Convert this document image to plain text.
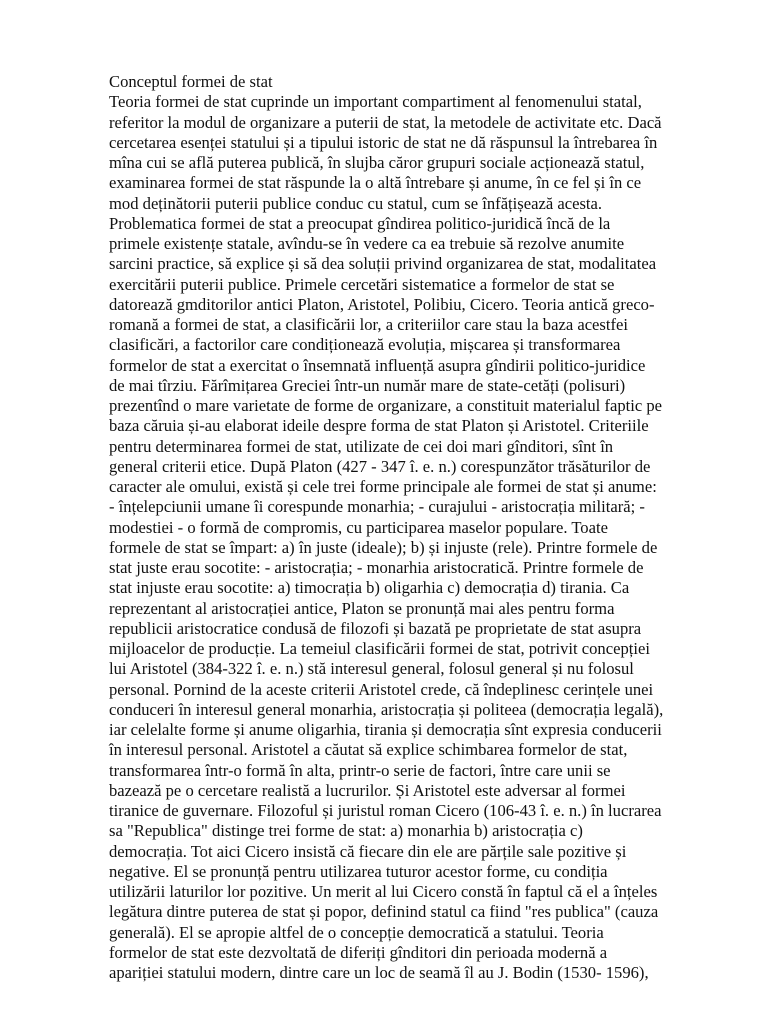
Conceptul formei de stat
Teoria formei de stat cuprinde un important compartiment al fenomenului statal,
referitor la modul de organizare a puterii de stat, la metodele de activitate etc. Dacă
cercetarea esenței statului și a tipului istoric de stat ne dă răspunsul la întrebarea în
mîna cui se află puterea publică, în slujba căror grupuri sociale acționează statul,
examinarea formei de stat răspunde la o altă întrebare și anume, în ce fel și în ce
mod deținătorii puterii publice conduc cu statul, cum se înfățișează acesta.
Problematica formei de stat a preocupat gîndirea politico-juridică încă de la
primele existențe statale, avîndu-se în vedere ca ea trebuie să rezolve anumite
sarcini practice, să explice și să dea soluții privind organizarea de stat, modalitatea
exercitării puterii publice. Primele cercetări sistematice a formelor de stat se
datorează gmditorilor antici Platon, Aristotel, Polibiu, Cicero. Teoria antică greco-
romană a formei de stat, a clasificării lor, a criteriilor care stau la baza acestfei
clasificări, a factorilor care condiționează evoluția, mișcarea și transformarea
formelor de stat a exercitat o însemnată influență asupra gîndirii politico-juridice
de mai tîrziu. Fărîmițarea Greciei într-un număr mare de state-cetăți (polisuri)
prezentînd o mare varietate de forme de organizare, a constituit materialul faptic pe
baza căruia și-au elaborat ideile despre forma de stat Platon și Aristotel. Criteriile
pentru determinarea formei de stat, utilizate de cei doi mari gînditori, sînt în
general criterii etice. După Platon (427 - 347 î. e. n.) corespunzător trăsăturilor de
caracter ale omului, există și cele trei forme principale ale formei de stat și anume:
- înțelepciunii umane îi corespunde monarhia; - curajului - aristocrația militară; -
modestiei - o formă de compromis, cu participarea maselor populare. Toate
formele de stat se împart: a) în juste (ideale); b) și injuste (rele). Printre formele de
stat juste erau socotite: - aristocrația; - monarhia aristocratică. Printre formele de
stat injuste erau socotite: a) timocrația b) oligarhia c) democrația d) tirania. Ca
reprezentant al aristocrației antice, Platon se pronunță mai ales pentru forma
republicii aristocratice condusă de filozofi și bazată pe proprietate de stat asupra
mijloacelor de producție. La temeiul clasificării formei de stat, potrivit concepției
lui Aristotel (384-322 î. e. n.) stă interesul general, folosul general și nu folosul
personal. Pornind de la aceste criterii Aristotel crede, că îndeplinesc cerințele unei
conduceri în interesul general monarhia, aristocrația și politeea (democrația legală),
iar celelalte forme și anume oligarhia, tirania și democrația sînt expresia conducerii
în interesul personal. Aristotel a căutat să explice schimbarea formelor de stat,
transformarea într-o formă în alta, printr-o serie de factori, între care unii se
bazează pe o cercetare realistă a lucrurilor. Și Aristotel este adversar al formei
tiranice de guvernare. Filozoful și juristul roman Cicero (106-43 î. e. n.) în lucrarea
sa "Republica" distinge trei forme de stat: a) monarhia b) aristocrația c)
democrația. Tot aici Cicero insistă că fiecare din ele are părțile sale pozitive și
negative. El se pronunță pentru utilizarea tuturor acestor forme, cu condiția
utilizării laturilor lor pozitive. Un merit al lui Cicero constă în faptul că el a înțeles
legătura dintre puterea de stat și popor, definind statul ca fiind "res publica" (cauza
generală). El se apropie altfel de o concepție democratică a statului. Teoria
formelor de stat este dezvoltată de diferiți gînditori din perioada modernă a
apariției statului modern, dintre care un loc de seamă îl au J. Bodin (1530- 1596),
